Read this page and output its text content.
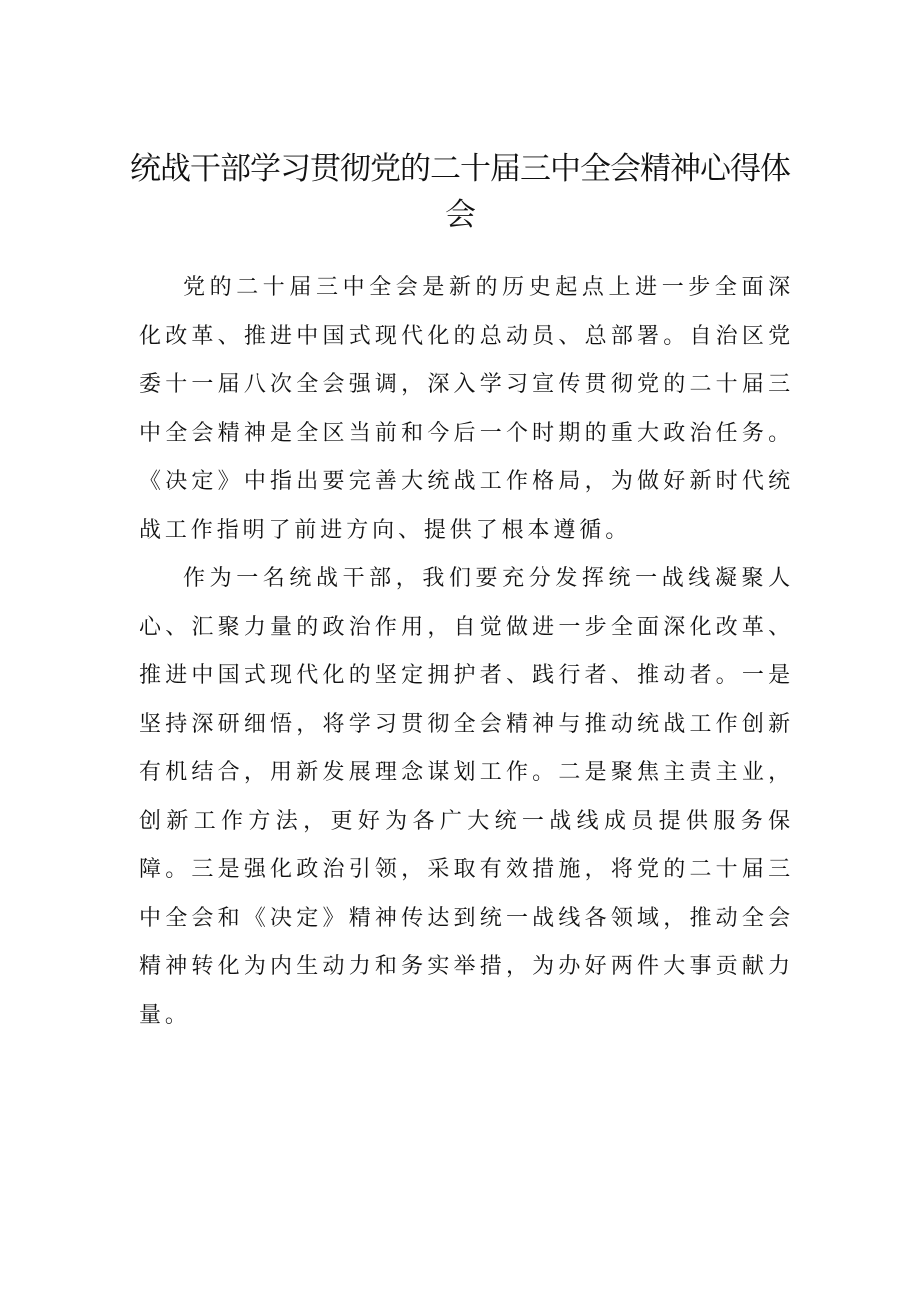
统战干部学习贯彻党的二十届三中全会精神心得体会

党的二十届三中全会是新的历史起点上进一步全面深化改革、推进中国式现代化的总动员、总部署。自治区党委十一届八次全会强调，深入学习宣传贯彻党的二十届三中全会精神是全区当前和今后一个时期的重大政治任务。《决定》中指出要完善大统战工作格局，为做好新时代统战工作指明了前进方向、提供了根本遵循。

作为一名统战干部，我们要充分发挥统一战线凝聚人心、汇聚力量的政治作用，自觉做进一步全面深化改革、推进中国式现代化的坚定拥护者、践行者、推动者。一是坚持深研细悟，将学习贯彻全会精神与推动统战工作创新有机结合，用新发展理念谋划工作。二是聚焦主责主业，创新工作方法，更好为各广大统一战线成员提供服务保障。三是强化政治引领，采取有效措施，将党的二十届三中全会和《决定》精神传达到统一战线各领域，推动全会精神转化为内生动力和务实举措，为办好两件大事贡献力量。
